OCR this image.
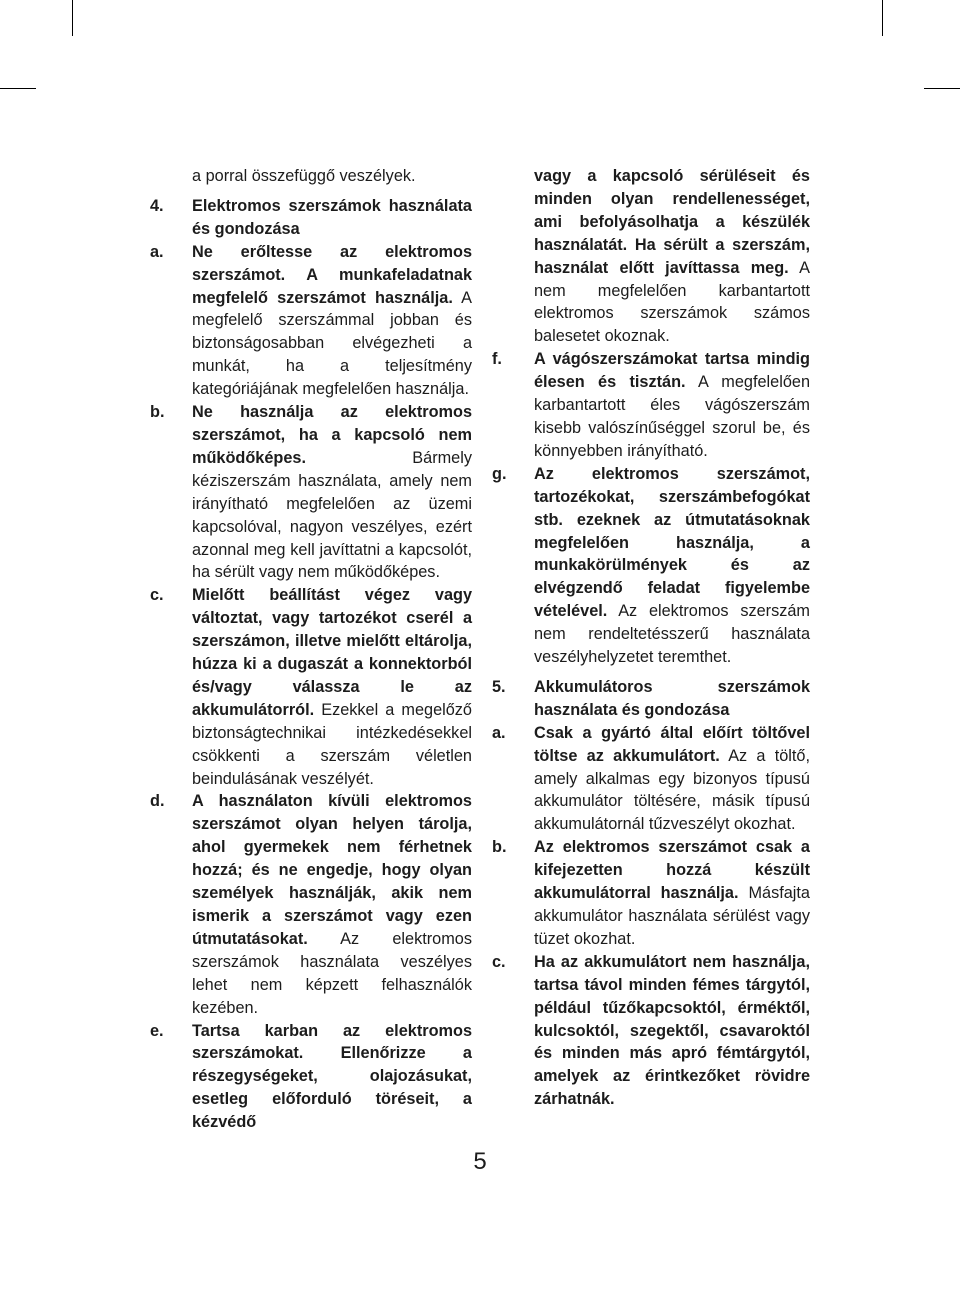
a porral összefüggő veszélyek.
4. Elektromos szerszámok használata és gondozása
a. Ne erőltesse az elektromos szerszámot. A munkafeladatnak megfelelő szerszámot használja. A megfelelő szerszámmal jobban és biztonságosabban elvégezheti a munkát, ha a teljesítmény kategóriájának megfelelően használja.
b. Ne használja az elektromos szerszámot, ha a kapcsoló nem működőképes.	Bármely kéziszerszám használata, amely nem irányítható megfelelően az üzemi kapcsolóval, nagyon veszélyes, ezért azonnal meg kell javíttatni a kapcsolót, ha sérült vagy nem működőképes.
c. Mielőtt beállítást végez vagy változtat, vagy tartozékot cserél a szerszámon, illetve mielőtt eltárolja, húzza ki a dugaszát a konnektorból és/vagy válassza le az akkumulátorról. Ezekkel a megelőző biztonságtechnikai intézkedésekkel csökkenti a szerszám véletlen beindulásának veszélyét.
d. A használaton kívüli elektromos szerszámot olyan helyen tárolja, ahol gyermekek nem férhetnek hozzá; és ne engedje, hogy olyan személyek használják, akik nem ismerik a szerszámot vagy ezen útmutatásokat. Az elektromos szerszámok használata veszélyes lehet nem képzett felhasználók kezében.
e. Tartsa karban az elektromos szerszámokat. Ellenőrizze a részegységeket, olajozásukat, esetleg előforduló töréseit, a kézvédő
vagy a kapcsoló sérüléseit és minden olyan rendellenességet, ami befolyásolhatja a készülék használatát. Ha sérült a szerszám, használat előtt javíttassa meg. A nem megfelelően karbantartott elektromos szerszámok számos balesetet okoznak.
f. A vágószerszámokat tartsa mindig élesen és tisztán. A megfelelően karbantartott éles vágószerszám kisebb valószínűséggel szorul be, és könnyebben irányítható.
g. Az elektromos szerszámot, tartozékokat, szerszámbefogókat stb. ezeknek az útmutatásoknak megfelelően használja, a munkakörülmények és az elvégzendő feladat figyelembe vételével. Az elektromos szerszám nem rendeltetésszerű használata veszélyhelyzetet teremthet.
5. Akkumulátoros szerszámok használata és gondozása
a. Csak a gyártó által előírt töltővel töltse az akkumulátort. Az a töltő, amely alkalmas egy bizonyos típusú akkumulátor töltésére, másik típusú akkumulátornál tűzveszélyt okozhat.
b. Az elektromos szerszámot csak a kifejezetten hozzá készült akkumulátorral használja. Másfajta akkumulátor használata sérülést vagy tüzet okozhat.
c. Ha az akkumulátort nem használja, tartsa távol minden fémes tárgytól, például tűzőkapcsoktól, érméktől, kulcsoktól, szegektől, csavaroktól és minden más apró fémtárgytól, amelyek az érintkezőket rövidre zárhatnák.
5
